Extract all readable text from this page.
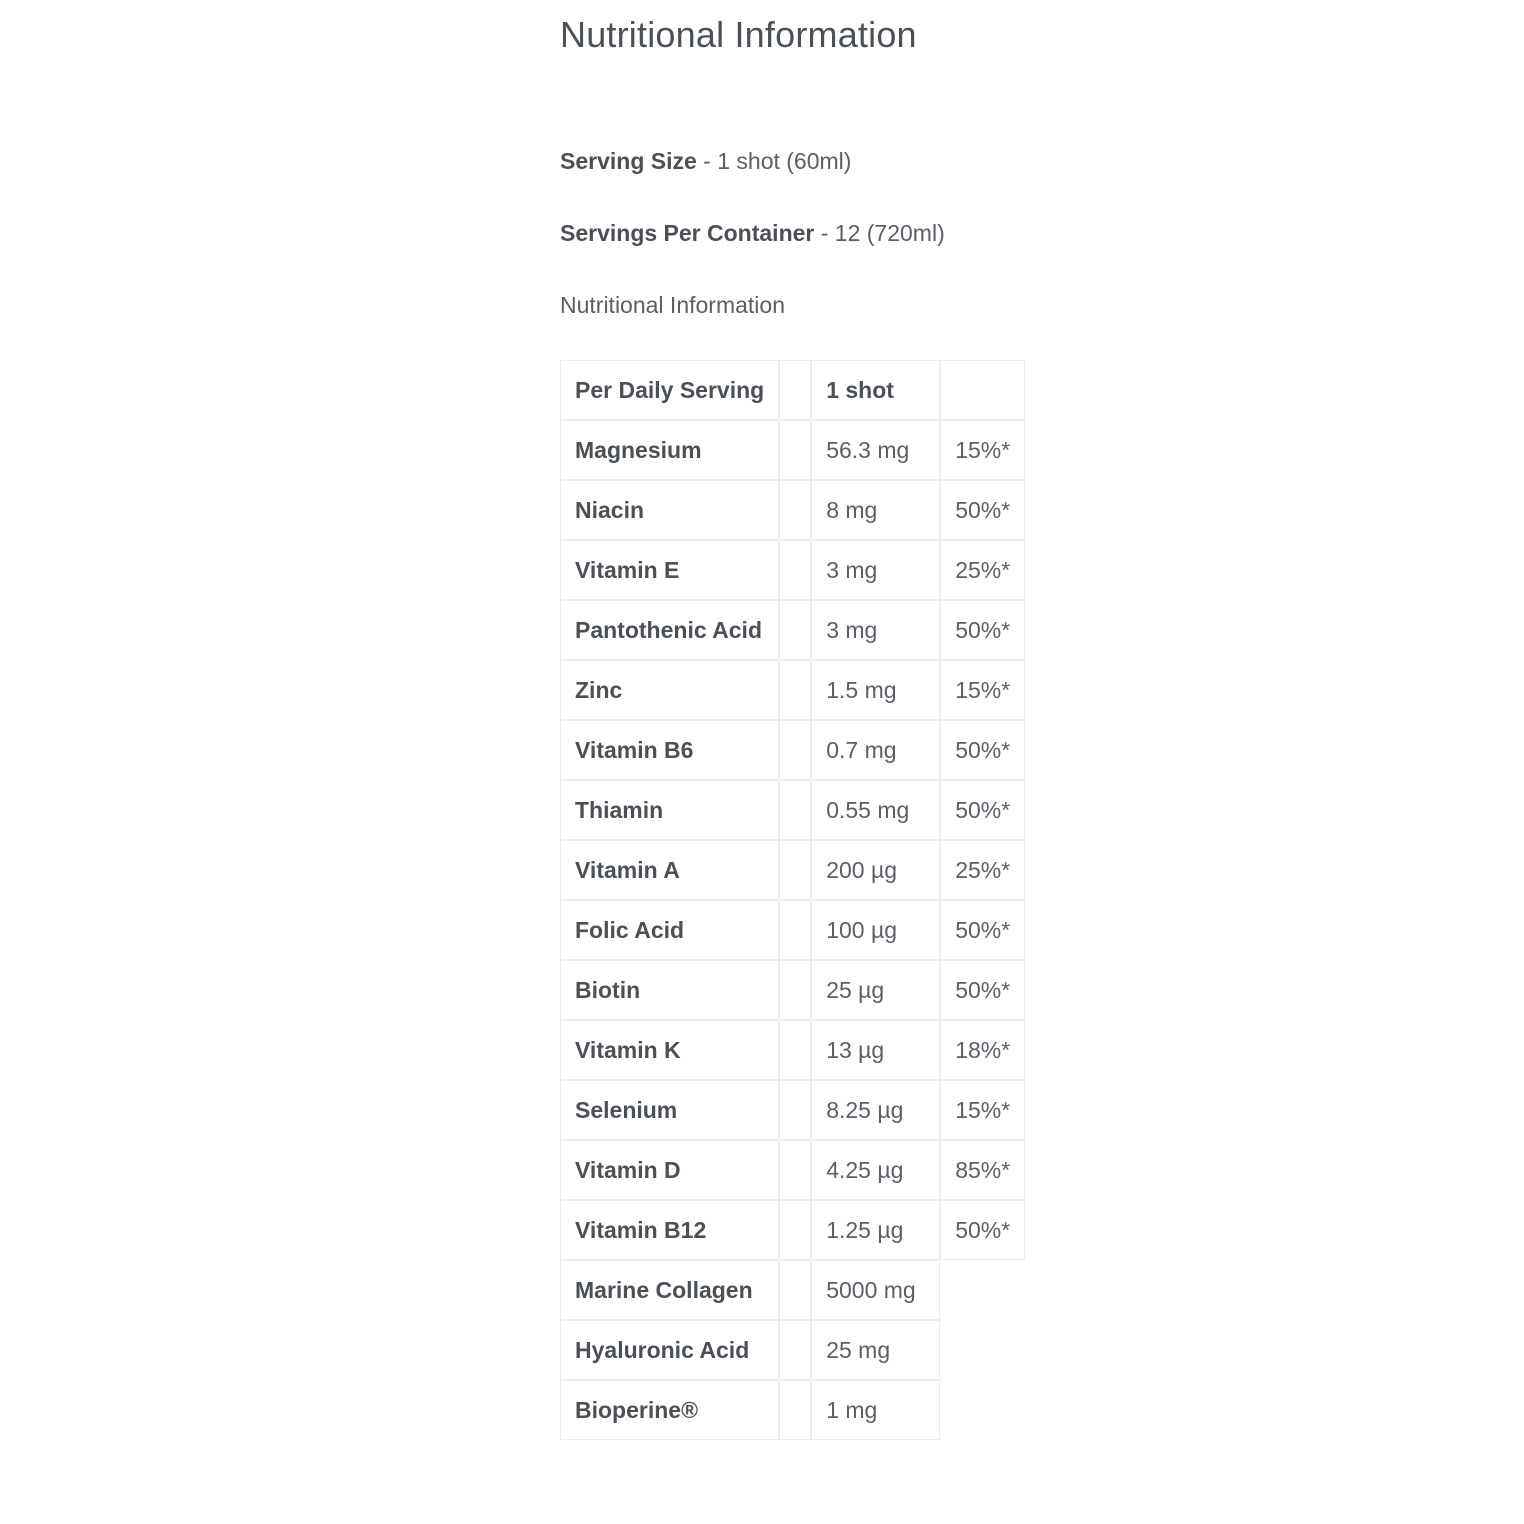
Nutritional Information

Serving Size - 1 shot (60ml)

Servings Per Container - 12 (720ml)

Nutritional Information

Per Daily Serving		1 shot	
Magnesium		56.3 mg	15%*
Niacin		8 mg	50%*
Vitamin E		3 mg	25%*
Pantothenic Acid		3 mg	50%*
Zinc		1.5 mg	15%*
Vitamin B6		0.7 mg	50%*
Thiamin		0.55 mg	50%*
Vitamin A		200 µg	25%*
Folic Acid		100 µg	50%*
Biotin		25 µg	50%*
Vitamin K		13 µg	18%*
Selenium		8.25 µg	15%*
Vitamin D		4.25 µg	85%*
Vitamin B12		1.25 µg	50%*
Marine Collagen		5000 mg	
Hyaluronic Acid		25 mg	
Bioperine®		1 mg	
